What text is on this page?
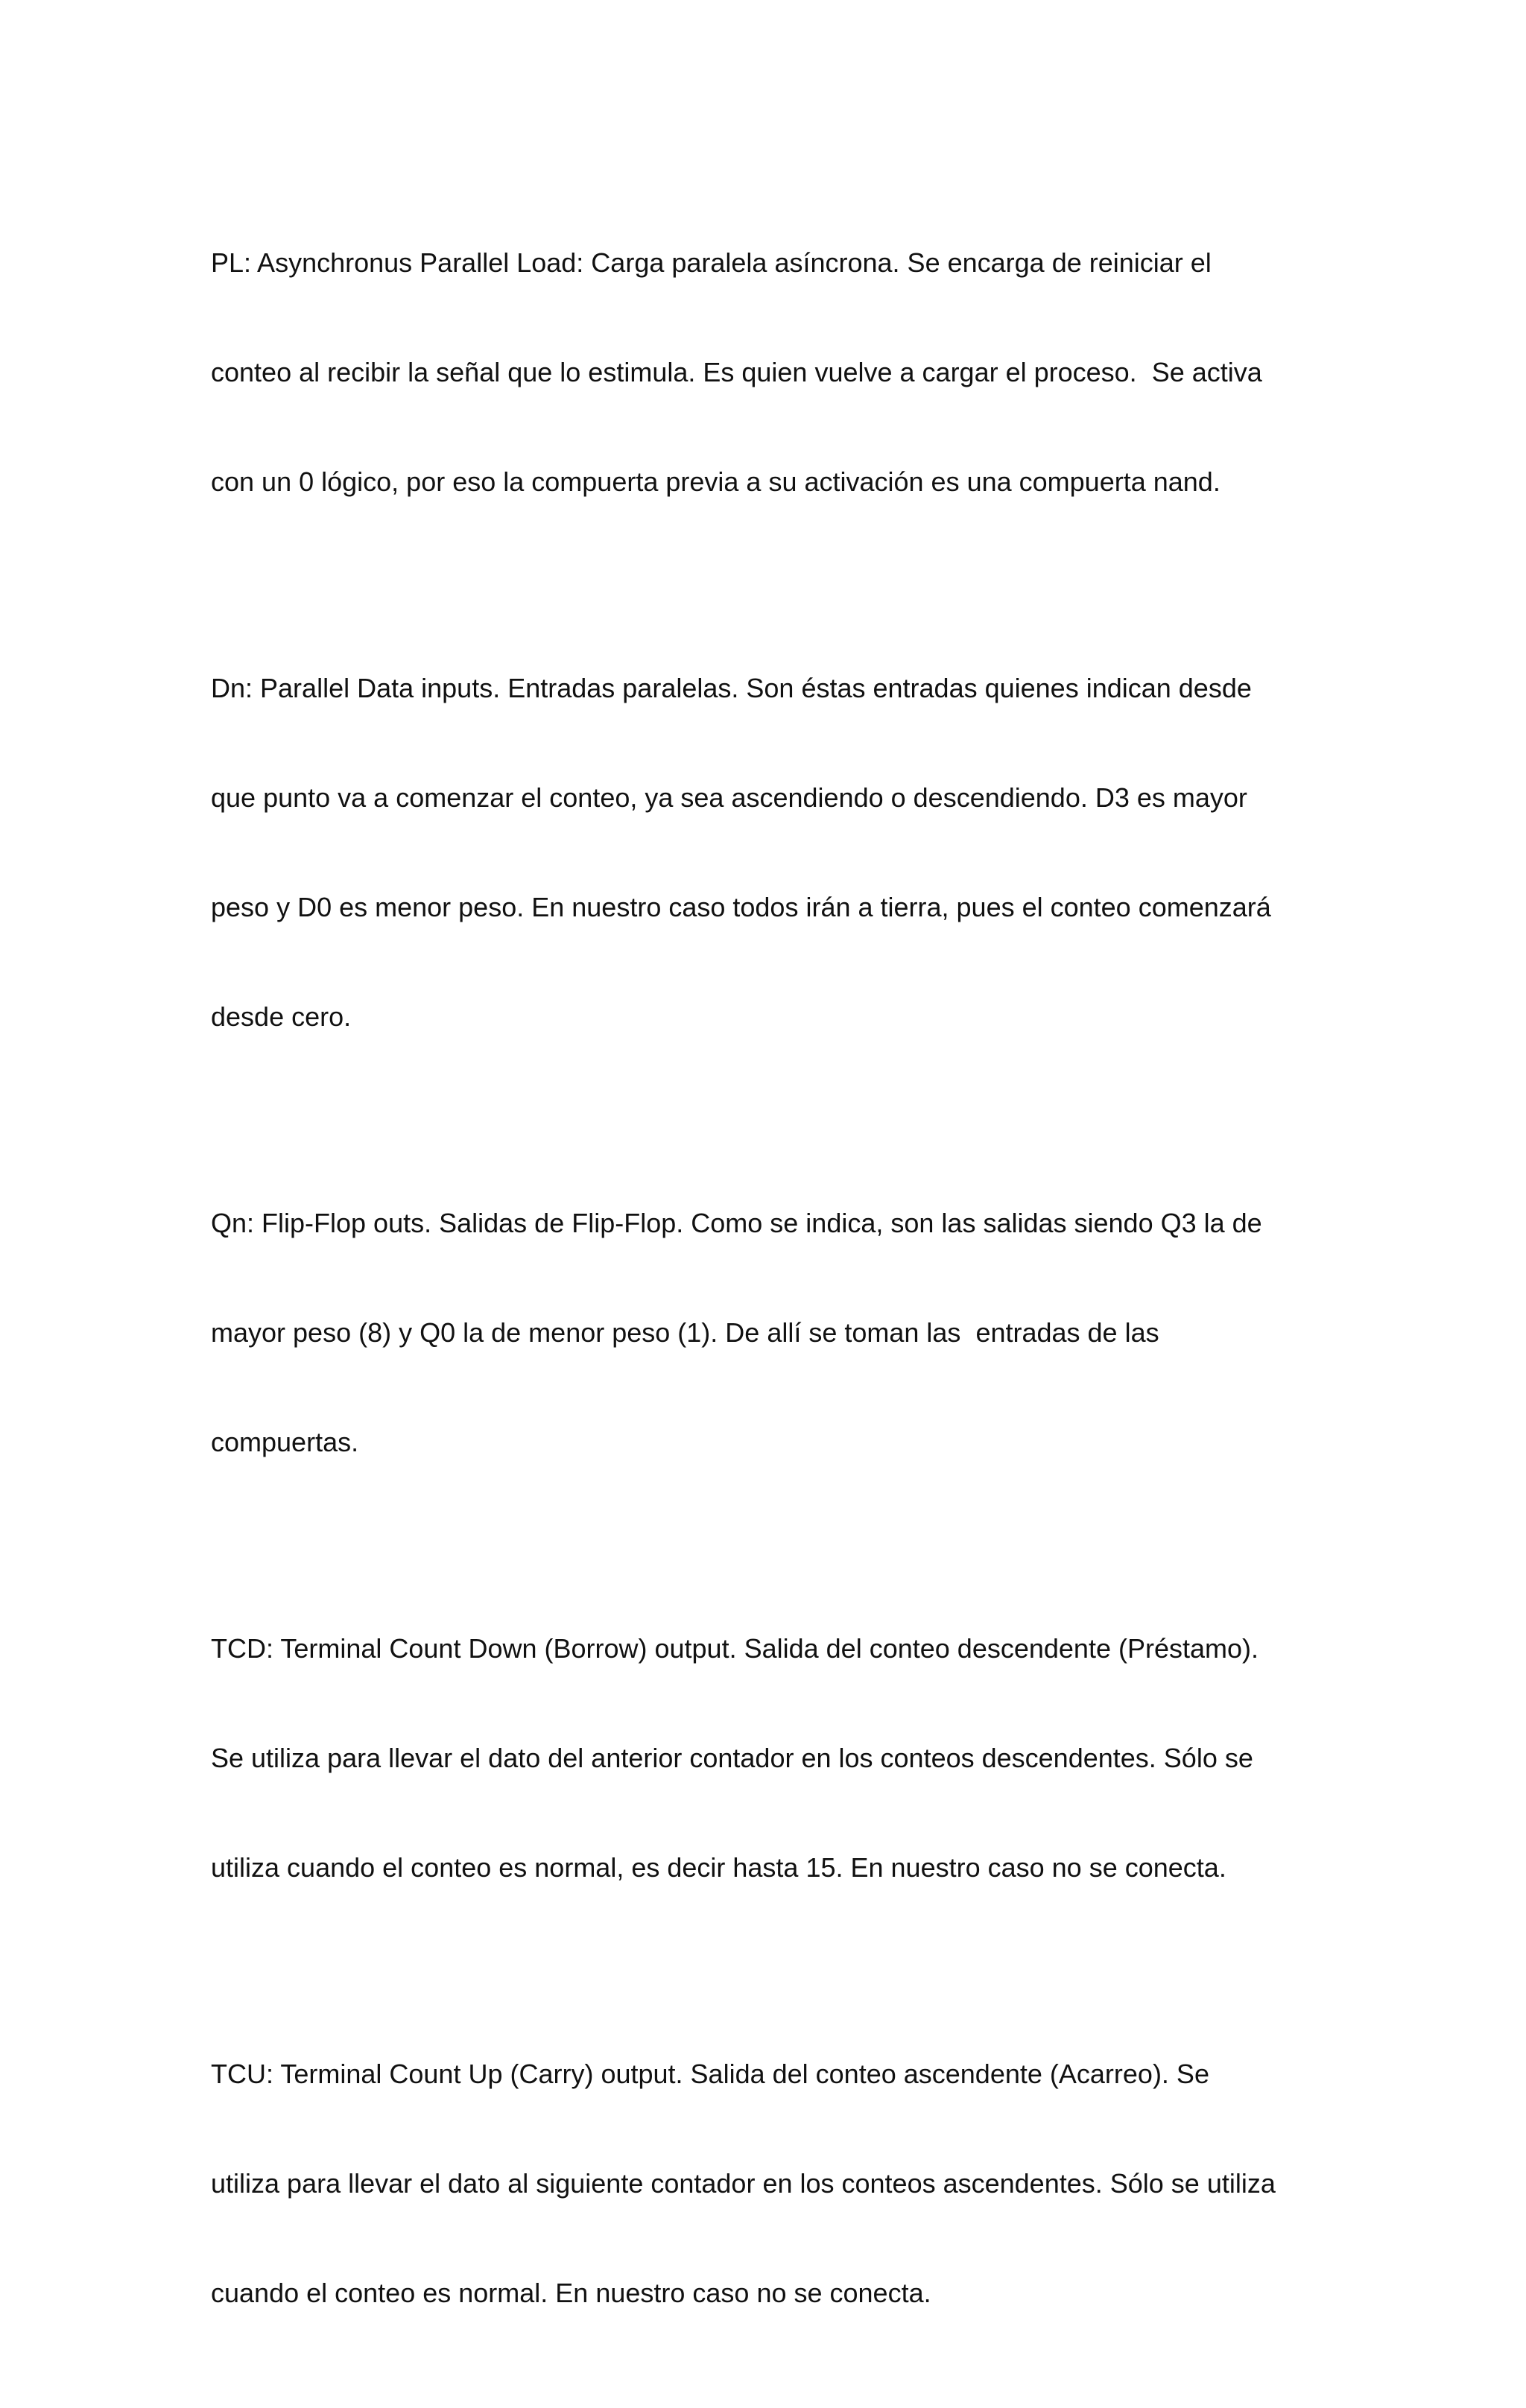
PL: Asynchronus Parallel Load: Carga paralela asíncrona. Se encarga de reiniciar el

conteo al recibir la señal que lo estimula. Es quien vuelve a cargar el proceso.  Se activa

con un 0 lógico, por eso la compuerta previa a su activación es una compuerta nand.

Dn: Parallel Data inputs. Entradas paralelas. Son éstas entradas quienes indican desde

que punto va a comenzar el conteo, ya sea ascendiendo o descendiendo. D3 es mayor

peso y D0 es menor peso. En nuestro caso todos irán a tierra, pues el conteo comenzará

desde cero.

Qn: Flip-Flop outs. Salidas de Flip-Flop. Como se indica, son las salidas siendo Q3 la de

mayor peso (8) y Q0 la de menor peso (1). De allí se toman las  entradas de las

compuertas.

TCD: Terminal Count Down (Borrow) output. Salida del conteo descendente (Préstamo).

Se utiliza para llevar el dato del anterior contador en los conteos descendentes. Sólo se

utiliza cuando el conteo es normal, es decir hasta 15. En nuestro caso no se conecta.

TCU: Terminal Count Up (Carry) output. Salida del conteo ascendente (Acarreo). Se

utiliza para llevar el dato al siguiente contador en los conteos ascendentes. Sólo se utiliza

cuando el conteo es normal. En nuestro caso no se conecta.
